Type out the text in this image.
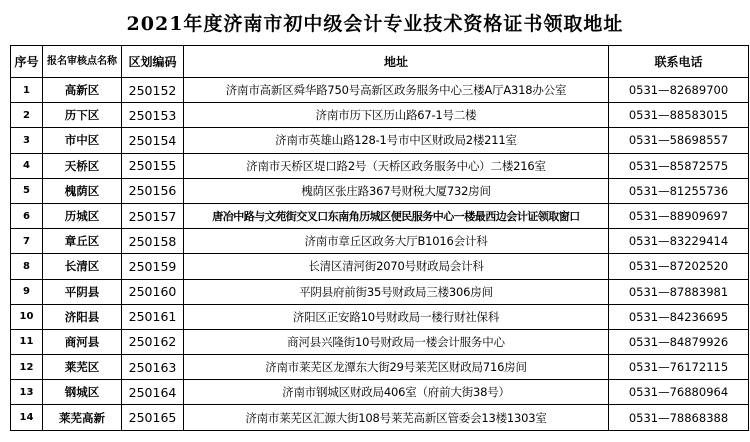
2021年度济南市初中级会计专业技术资格证书领取地址
序号	报名审核点名称	区划编码	地址	联系电话
1	高新区	250152	济南市高新区舜华路750号高新区政务服务中心三楼A厅A318办公室	0531—82689700
2	历下区	250153	济南市历下区历山路67-1号二楼	0531—88583015
3	市中区	250154	济南市英雄山路128-1号市中区财政局2楼211室	0531—58698557
4	天桥区	250155	济南市天桥区堤口路2号（天桥区政务服务中心）二楼216室	0531—85872575
5	槐荫区	250156	槐荫区张庄路367号财税大厦732房间	0531—81255736
6	历城区	250157	唐冶中路与文苑街交叉口东南角历城区便民服务中心一楼最西边会计证领取窗口	0531—88909697
7	章丘区	250158	济南市章丘区政务大厅B1016会计科	0531—83229414
8	长清区	250159	长清区清河街2070号财政局会计科	0531—87202520
9	平阴县	250160	平阴县府前街35号财政局三楼306房间	0531—87883981
10	济阳县	250161	济阳区正安路10号财政局一楼行财社保科	0531—84236695
11	商河县	250162	商河县兴隆街10号财政局一楼会计服务中心	0531—84879926
12	莱芜区	250163	济南市莱芜区龙潭东大街29号莱芜区财政局716房间	0531—76172115
13	钢城区	250164	济南市钢城区财政局406室（府前大街38号）	0531—76880964
14	莱芜高新	250165	济南市莱芜区汇源大街108号莱芜高新区管委会13楼1303室	0531—78868388
